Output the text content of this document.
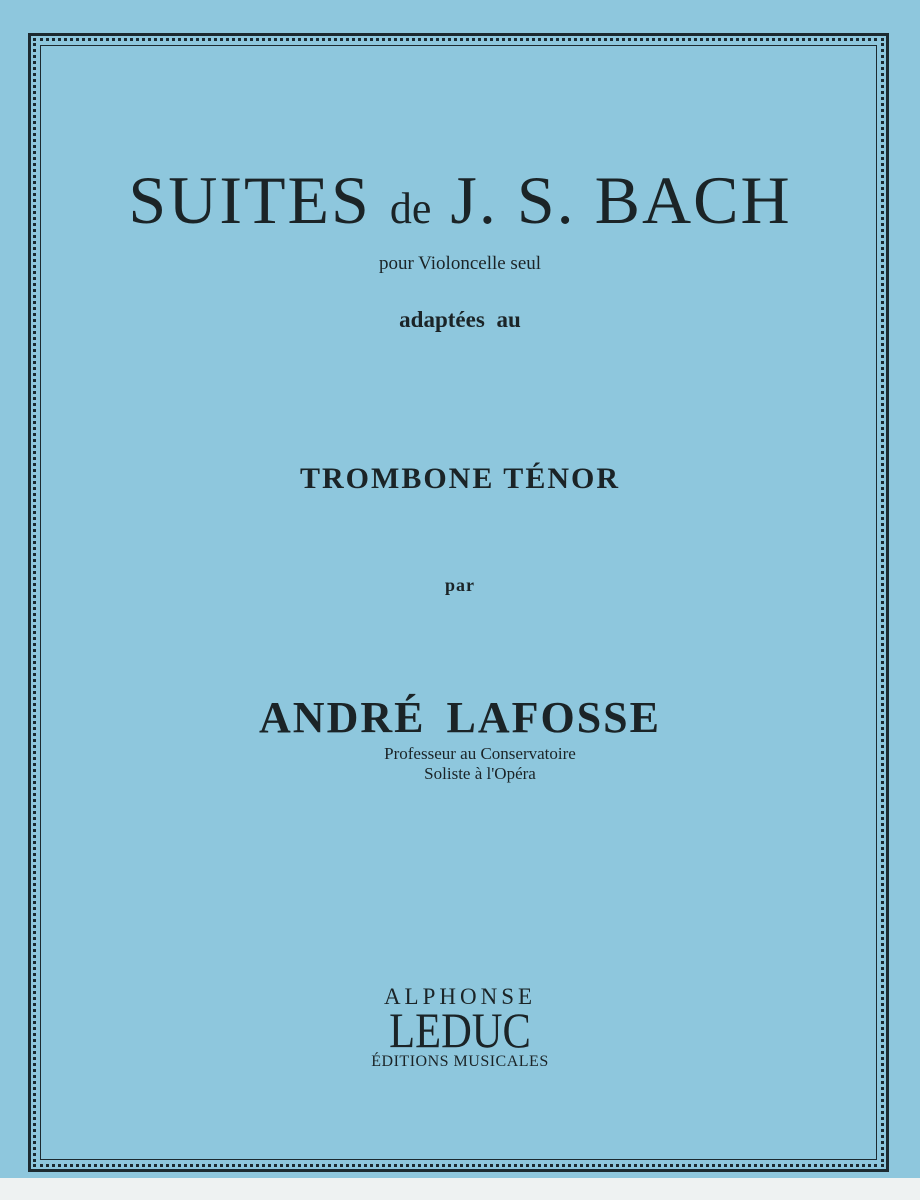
SUITES de J. S. BACH
pour Violoncelle seul
adaptées au
TROMBONE TÉNOR
par
ANDRÉ LAFOSSE
Professeur au Conservatoire
Soliste à l'Opéra
ALPHONSE
LEDUC
ÉDITIONS MUSICALES
